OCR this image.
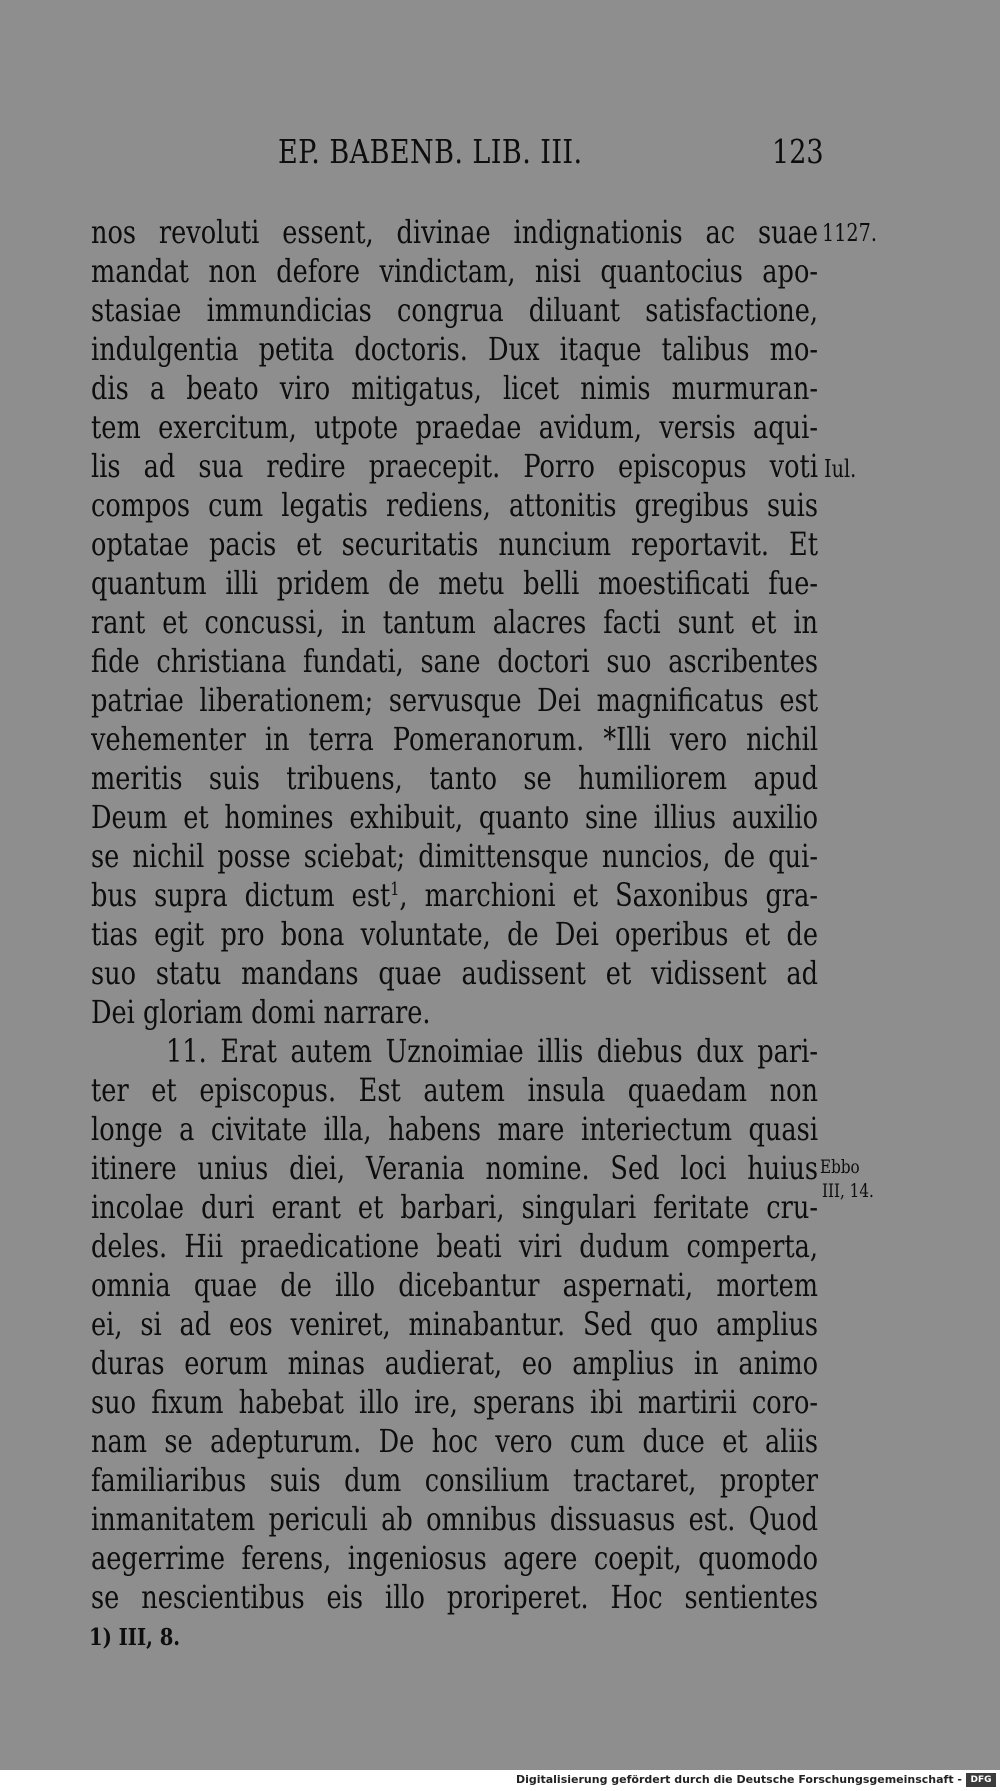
EP. BABENB. LIB. III.	123
nos revoluti essent, divinae indignationis ac suae
mandat non defore vindictam, nisi quantocius apo-
stasiae immundicias congrua diluant satisfactione,
indulgentia petita doctoris. Dux itaque talibus mo-
dis a beato viro mitigatus, licet nimis murmuran-
tem exercitum, utpote praedae avidum, versis aqui-
lis ad sua redire praecepit. Porro episcopus voti
compos cum legatis rediens, attonitis gregibus suis
optatae pacis et securitatis nuncium reportavit. Et
quantum illi pridem de metu belli moestificati fue-
rant et concussi, in tantum alacres facti sunt et in
fide christiana fundati, sane doctori suo ascribentes
patriae liberationem; servusque Dei magnificatus est
vehementer in terra Pomeranorum. *Illi vero nichil
meritis suis tribuens, tanto se humiliorem apud
Deum et homines exhibuit, quanto sine illius auxilio
se nichil posse sciebat; dimittensque nuncios, de qui-
bus supra dictum est$^1$, marchioni et Saxonibus gra-
tias egit pro bona voluntate, de Dei operibus et de
suo statu mandans quae audissent et vidissent ad
Dei gloriam domi narrare.
11. Erat autem Uznoimiae illis diebus dux pari-
ter et episcopus. Est autem insula quaedam non
longe a civitate illa, habens mare interiectum quasi
itinere unius diei, Verania nomine. Sed loci huius
incolae duri erant et barbari, singulari feritate cru-
deles. Hii praedicatione beati viri dudum comperta,
omnia quae de illo dicebantur aspernati, mortem
ei, si ad eos veniret, minabantur. Sed quo amplius
duras eorum minas audierat, eo amplius in animo
suo fixum habebat illo ire, sperans ibi martirii coro-
nam se adepturum. De hoc vero cum duce et aliis
familiaribus suis dum consilium tractaret, propter
inmanitatem periculi ab omnibus dissuasus est. Quod
aegerrime ferens, ingeniosus agere coepit, quomodo
se nescientibus eis illo proriperet. Hoc sentientes
1127.
Iul.
Ebbo
III, 14.
1) III, 8.
Digitalisierung gefördert durch die Deutsche Forschungsgemeinschaft - DFG
